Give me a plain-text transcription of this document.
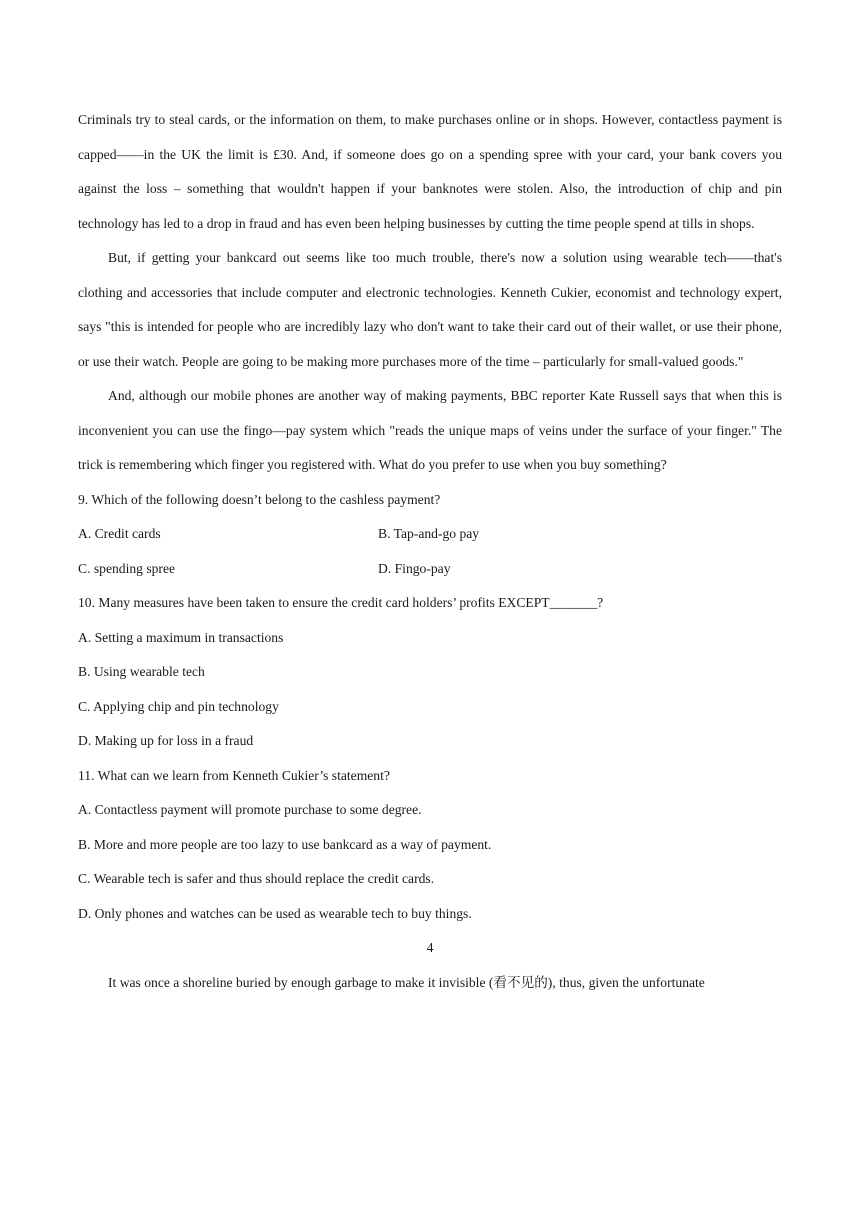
Criminals try to steal cards, or the information on them, to make purchases online or in shops. However, contactless payment is capped——in the UK the limit is £30. And, if someone does go on a spending spree with your card, your bank covers you against the loss – something that wouldn't happen if your banknotes were stolen. Also, the introduction of chip and pin technology has led to a drop in fraud and has even been helping businesses by cutting the time people spend at tills in shops.

But, if getting your bankcard out seems like too much trouble, there's now a solution using wearable tech——that's clothing and accessories that include computer and electronic technologies. Kenneth Cukier, economist and technology expert, says "this is intended for people who are incredibly lazy who don't want to take their card out of their wallet, or use their phone, or use their watch. People are going to be making more purchases more of the time – particularly for small-valued goods."

And, although our mobile phones are another way of making payments, BBC reporter Kate Russell says that when this is inconvenient you can use the fingo—pay system which "reads the unique maps of veins under the surface of your finger." The trick is remembering which finger you registered with. What do you prefer to use when you buy something?

9. Which of the following doesn’t belong to the cashless payment?

A. Credit cards	B. Tap-and-go pay
C. spending spree	D. Fingo-pay

10. Many measures have been taken to ensure the credit card holders’ profits EXCEPT_______?

A. Setting a maximum in transactions

B. Using wearable tech

C. Applying chip and pin technology

D. Making up for loss in a fraud

11. What can we learn from Kenneth Cukier’s statement?

A. Contactless payment will promote purchase to some degree.

B. More and more people are too lazy to use bankcard as a way of payment.

C. Wearable tech is safer and thus should replace the credit cards.

D. Only phones and watches can be used as wearable tech to buy things.

4

It was once a shoreline buried by enough garbage to make it invisible (看不见的), thus, given the unfortunate
